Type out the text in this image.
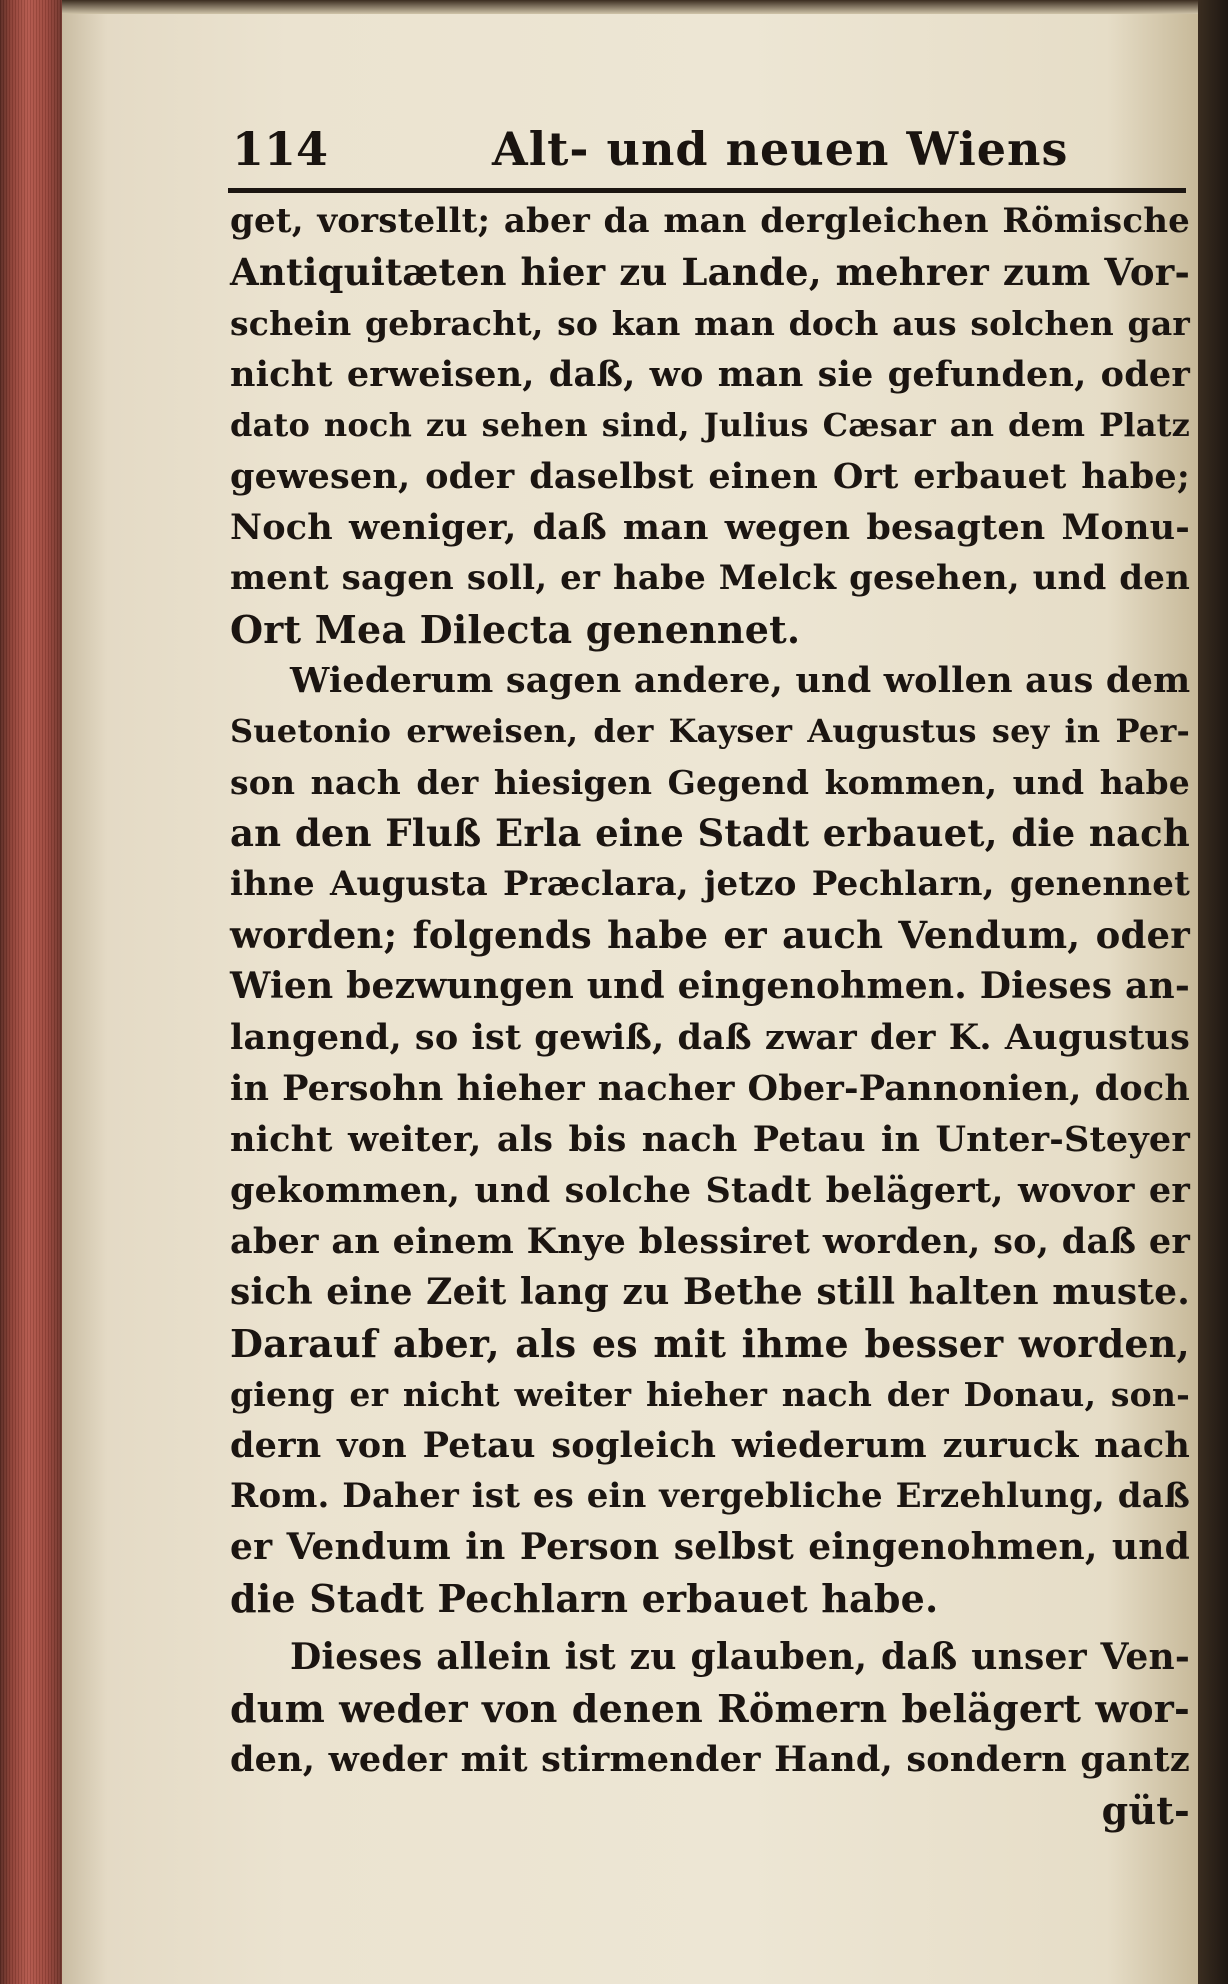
114	Alt- und neuen Wiens
get, vorstellt; aber da man dergleichen Römische
Antiquitæten hier zu Lande, mehrer zum Vor-
schein gebracht, so kan man doch aus solchen gar
nicht erweisen, daß, wo man sie gefunden, oder
dato noch zu sehen sind, Julius Cæsar an dem Platz
gewesen, oder daselbst einen Ort erbauet habe;
Noch weniger, daß man wegen besagten Monu-
ment sagen soll, er habe Melck gesehen, und den
Ort Mea Dilecta genennet.
Wiederum sagen andere, und wollen aus dem
Suetonio erweisen, der Kayser Augustus sey in Per-
son nach der hiesigen Gegend kommen, und habe
an den Fluß Erla eine Stadt erbauet, die nach
ihne Augusta Præclara, jetzo Pechlarn, genennet
worden; folgends habe er auch Vendum, oder
Wien bezwungen und eingenohmen. Dieses an-
langend, so ist gewiß, daß zwar der K. Augustus
in Persohn hieher nacher Ober-Pannonien, doch
nicht weiter, als bis nach Petau in Unter-Steyer
gekommen, und solche Stadt belägert, wovor er
aber an einem Knye blessiret worden, so, daß er
sich eine Zeit lang zu Bethe still halten muste.
Darauf aber, als es mit ihme besser worden,
gieng er nicht weiter hieher nach der Donau, son-
dern von Petau sogleich wiederum zuruck nach
Rom. Daher ist es ein vergebliche Erzehlung, daß
er Vendum in Person selbst eingenohmen, und
die Stadt Pechlarn erbauet habe.
Dieses allein ist zu glauben, daß unser Ven-
dum weder von denen Römern belägert wor-
den, weder mit stirmender Hand, sondern gantz
güt-
